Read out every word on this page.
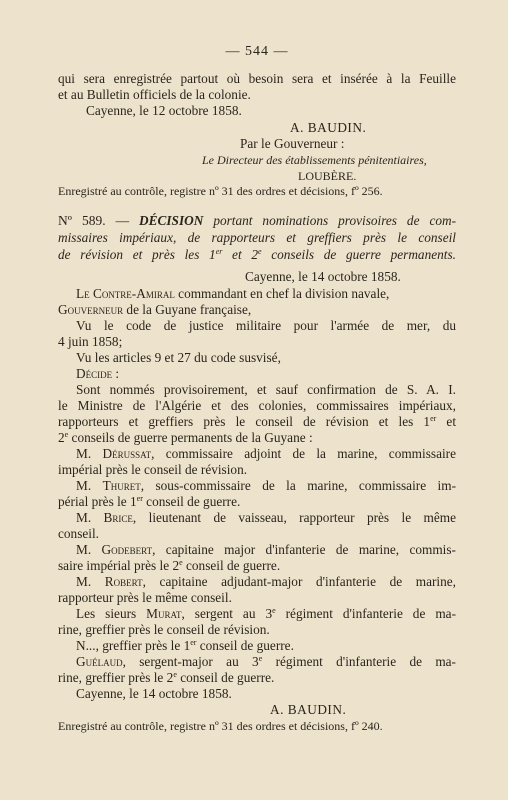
— 544 —
qui sera enregistrée partout où besoin sera et insérée à la Feuille
et au Bulletin officiels de la colonie.
Cayenne, le 12 octobre 1858.
A. BAUDIN.
Par le Gouverneur :
Le Directeur des établissements pénitentiaires,
LOUBÈRE.
Enregistré au contrôle, registre nº 31 des ordres et décisions, fº 256.
Nº 589. — DÉCISION portant nominations provisoires de com-
missaires impériaux, de rapporteurs et greffiers près le conseil
de révision et près les 1er et 2e conseils de guerre permanents.
Cayenne, le 14 octobre 1858.
Le Contre-Amiral commandant en chef la division navale,
Gouverneur de la Guyane française,
Vu le code de justice militaire pour l'armée de mer, du
4 juin 1858;
Vu les articles 9 et 27 du code susvisé,
Décide :
Sont nommés provisoirement, et sauf confirmation de S. A. I.
le Ministre de l'Algérie et des colonies, commissaires impériaux,
rapporteurs et greffiers près le conseil de révision et les 1er et
2e conseils de guerre permanents de la Guyane :
M. Dérussat, commissaire adjoint de la marine, commissaire
impérial près le conseil de révision.
M. Thuret, sous-commissaire de la marine, commissaire im-
périal près le 1er conseil de guerre.
M. Brice, lieutenant de vaisseau, rapporteur près le même
conseil.
M. Godebert, capitaine major d'infanterie de marine, commis-
saire impérial près le 2e conseil de guerre.
M. Robert, capitaine adjudant-major d'infanterie de marine,
rapporteur près le même conseil.
Les sieurs Murat, sergent au 3e régiment d'infanterie de ma-
rine, greffier près le conseil de révision.
N..., greffier près le 1er conseil de guerre.
Guélaud, sergent-major au 3e régiment d'infanterie de ma-
rine, greffier près le 2e conseil de guerre.
Cayenne, le 14 octobre 1858.
A. BAUDIN.
Enregistré au contrôle, registre nº 31 des ordres et décisions, fº 240.
